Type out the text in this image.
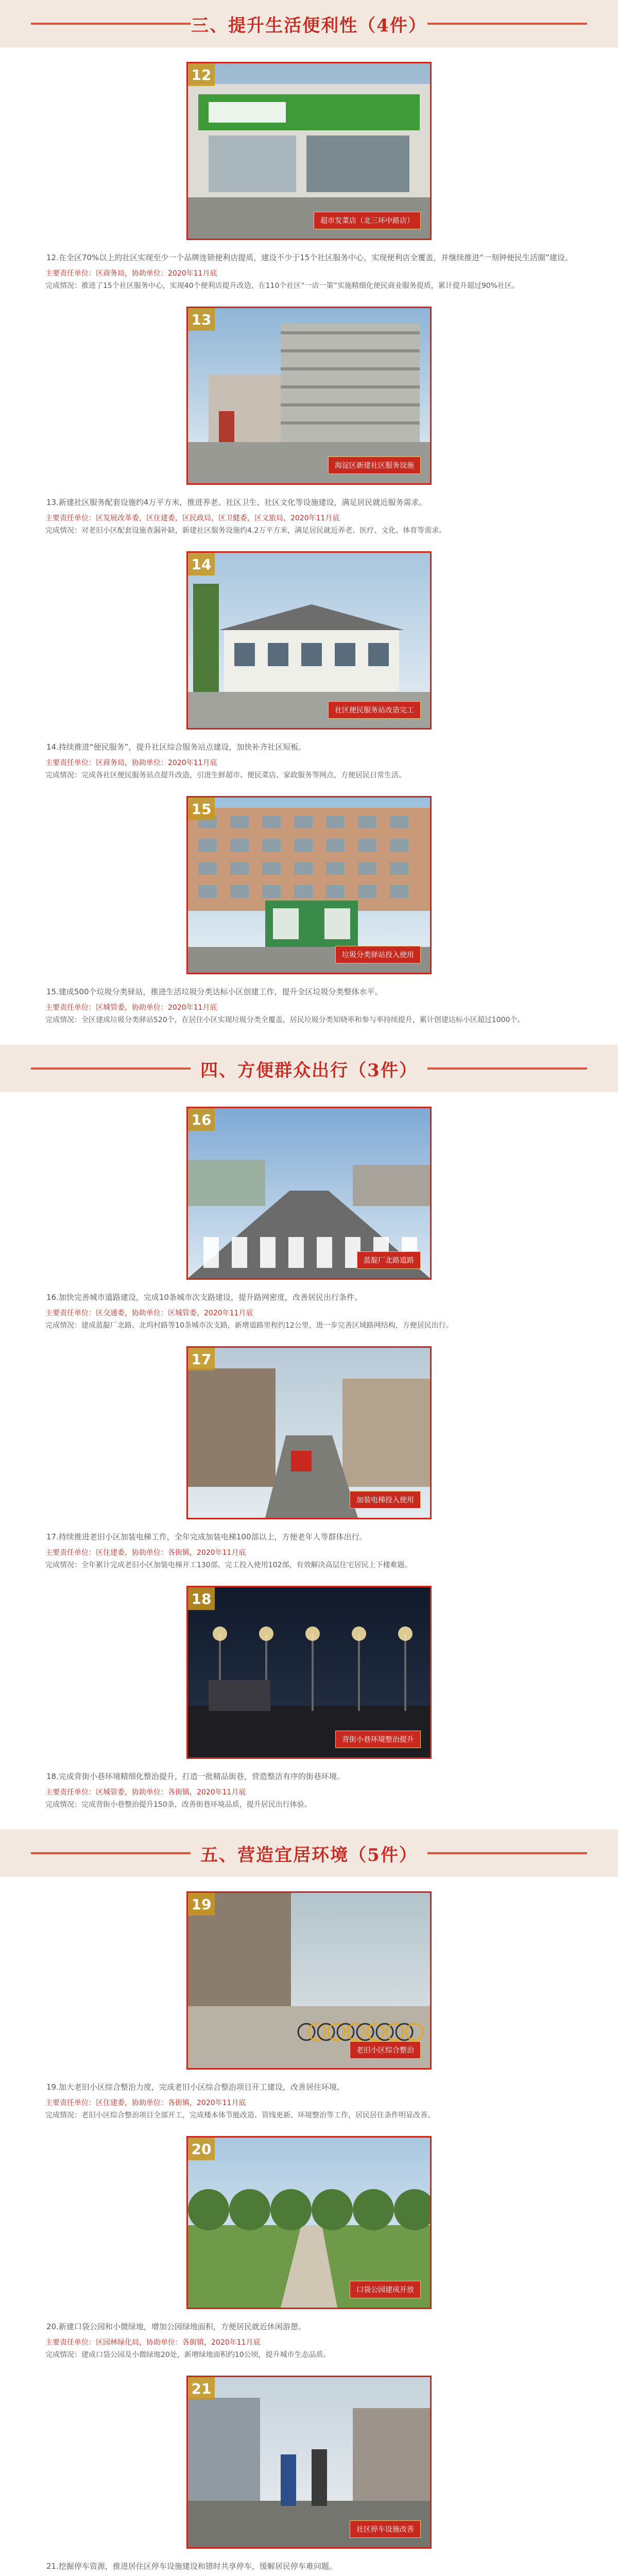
三、提升生活便利性（4件）
12
超市发菜店（北三环中路店）
12.在全区70%以上的社区实现至少一个品牌连锁便利店提质，建设不少于15个社区服务中心，实现便利店全覆盖，并继续推进“一刻钟便民生活圈”建设。
主要责任单位：区商务局，协助单位：2020年11月底
完成情况：推进了15个社区服务中心，实现40个便利店提升改造，在110个社区“一店一策”实施精细化便民商业服务提质，累计提升超过90%社区。
13
海淀区新建社区服务设施
13.新建社区服务配套设施约4万平方米，推进养老、社区卫生、社区文化等设施建设，满足居民就近服务需求。
主要责任单位：区发展改革委，区住建委，区民政局，区卫健委，区文旅局，2020年11月底
完成情况：对老旧小区配套设施查漏补缺，新建社区服务设施约4.2万平方米，满足居民就近养老、医疗、文化、体育等需求。
14
社区便民服务站改造完工
14.持续推进“便民服务”，提升社区综合服务站点建设，加快补齐社区短板。
主要责任单位：区商务局，协助单位：2020年11月底
完成情况：完成各社区便民服务站点提升改造，引进生鲜超市、便民菜店、家政服务等网点，方便居民日常生活。
15
垃圾分类驿站投入使用
15.建成500个垃圾分类驿站，推进生活垃圾分类达标小区创建工作，提升全区垃圾分类整体水平。
主要责任单位：区城管委，协助单位：2020年11月底
完成情况：全区建成垃圾分类驿站520个，在居住小区实现垃圾分类全覆盖，居民垃圾分类知晓率和参与率持续提升，累计创建达标小区超过1000个。
四、方便群众出行（3件）
16
蓝靛厂北路道路
16.加快完善城市道路建设，完成10条城市次支路建设，提升路网密度，改善居民出行条件。
主要责任单位：区交通委，协助单位：区城管委，2020年11月底
完成情况：建成蓝靛厂北路、北坞村路等10条城市次支路，新增道路里程约12公里，进一步完善区域路网结构，方便居民出行。
17
加装电梯投入使用
17.持续推进老旧小区加装电梯工作，全年完成加装电梯100部以上，方便老年人等群体出行。
主要责任单位：区住建委，协助单位：各街镇，2020年11月底
完成情况：全年累计完成老旧小区加装电梯开工130部，完工投入使用102部，有效解决高层住宅居民上下楼难题。
18
背街小巷环境整治提升
18.完成背街小巷环境精细化整治提升，打造一批精品街巷，营造整洁有序的街巷环境。
主要责任单位：区城管委，协助单位：各街镇，2020年11月底
完成情况：完成背街小巷整治提升150条，改善街巷环境品质，提升居民出行体验。
五、营造宜居环境（5件）
19
老旧小区综合整治
19.加大老旧小区综合整治力度，完成老旧小区综合整治项目开工建设，改善居住环境。
主要责任单位：区住建委，协助单位：各街镇，2020年11月底
完成情况：老旧小区综合整治项目全部开工，完成楼本体节能改造、管线更新、环境整治等工作，居民居住条件明显改善。
20
口袋公园建成开放
20.新建口袋公园和小微绿地，增加公园绿地面积，方便居民就近休闲游憩。
主要责任单位：区园林绿化局，协助单位：各街镇，2020年11月底
完成情况：建成口袋公园及小微绿地20处，新增绿地面积约10公顷，提升城市生态品质。
21
社区停车设施改善
21.挖掘停车资源，推进居住区停车设施建设和错时共享停车，缓解居民停车难问题。
